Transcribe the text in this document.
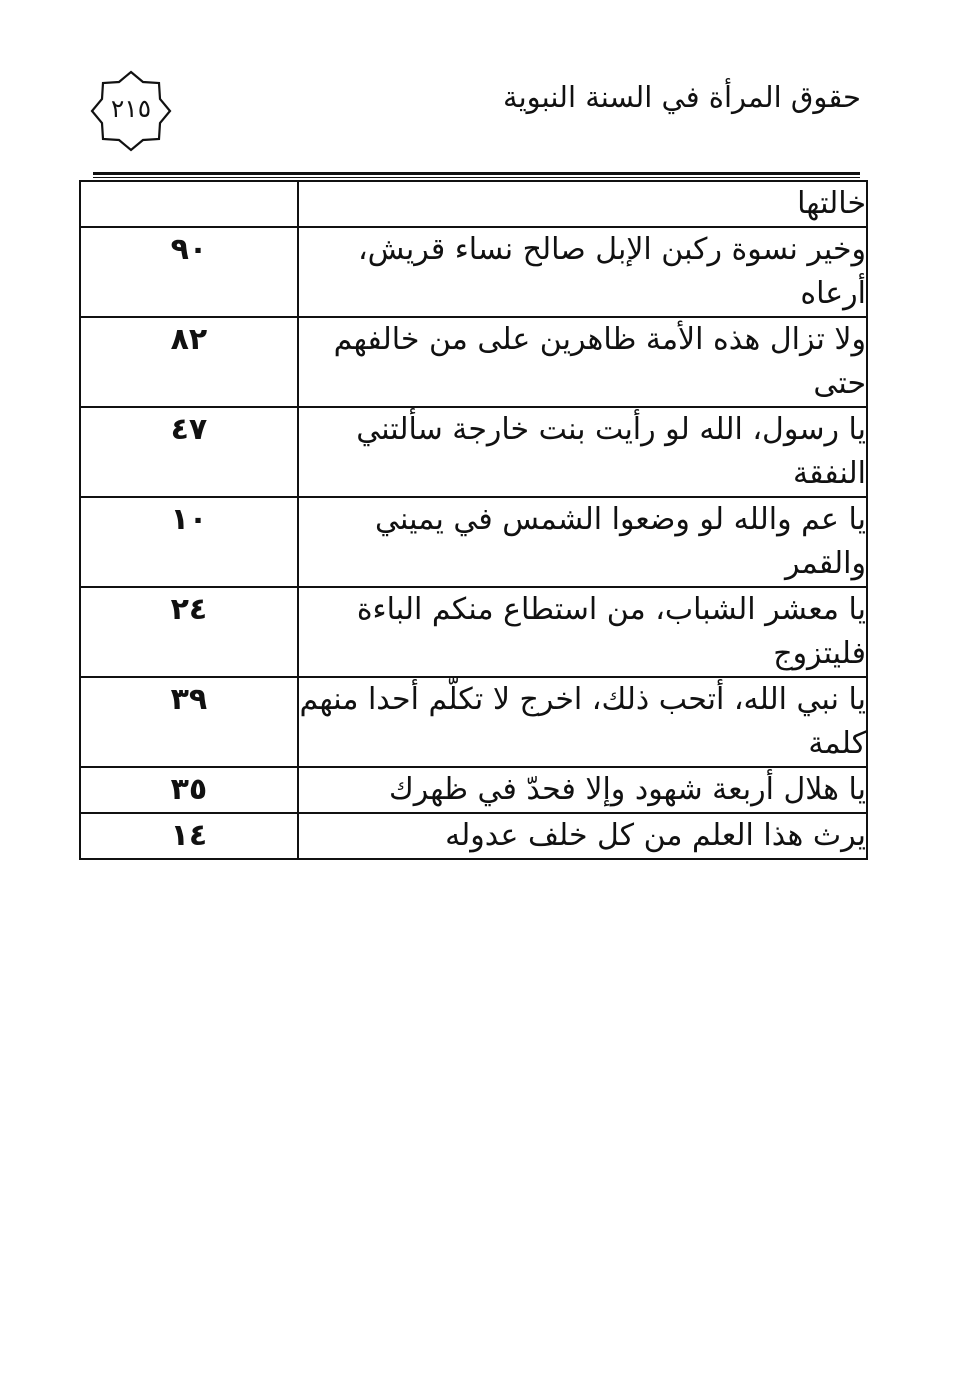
حقوق المرأة في السنة النبوية
٢١٥
خالتها	
وخير نسوة ركبن الإبل صالح نساء قريش، أرعاه	٩٠
ولا تزال هذه الأمة ظاهرين على من خالفهم حتى	٨٢
يا رسول، الله لو رأيت بنت خارجة سألتني النفقة	٤٧
يا عم والله لو وضعوا الشمس في يميني والقمر	١٠
يا معشر الشباب، من استطاع منكم الباءة فليتزوج	٢٤
يا نبي الله، أتحب ذلك، اخرج لا تكلّم أحدا منهم كلمة	٣٩
يا هلال أربعة شهود وإلا فحدّ في ظهرك	٣٥
يرث هذا العلم من كل خلف عدوله	١٤
